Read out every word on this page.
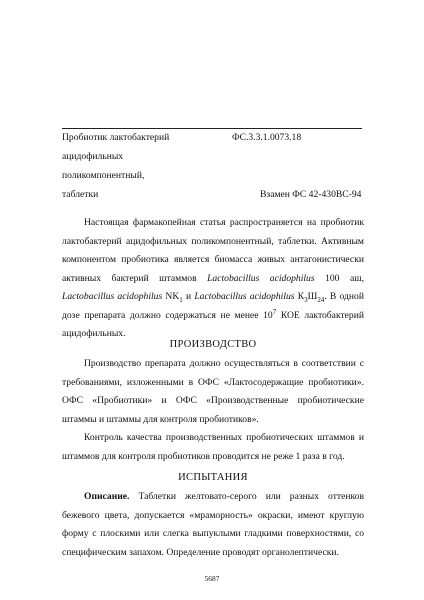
Пробиотик лактобактерий
ацидофильных
поликомпонентный,
таблетки
ФС.3.3.1.0073.18
Взамен ФС 42-430ВС-94

Настоящая фармакопейная статья распространяется на пробиотик лактобактерий ацидофильных поликомпонентный, таблетки. Активным компонентом пробиотика является биомасса живых антагонистически активных бактерий штаммов Lactobacillus acidophilus 100 аш, Lactobacillus acidophilus $NK_1$ и Lactobacillus acidophilus $К_3Ш_{24}$. В одной дозе препарата должно содержаться не менее $10^7$ КОЕ лактобактерий ацидофильных.

ПРОИЗВОДСТВО

Производство препарата должно осуществляться в соответствии с требованиями, изложенными в ОФС «Лактосодержащие пробиотики». ОФС «Пробиотики» и ОФС «Производственные пробиотические штаммы и штаммы для контроля пробиотиков».

Контроль качества производственных пробиотических штаммов и штаммов для контроля пробиотиков проводится не реже 1 раза в год.

ИСПЫТАНИЯ

Описание. Таблетки желтовато-серого или разных оттенков бежевого цвета, допускается «мраморность» окраски, имеют круглую форму с плоскими или слегка выпуклыми гладкими поверхностями, со специфическим запахом. Определение проводят органолептически.

5687
